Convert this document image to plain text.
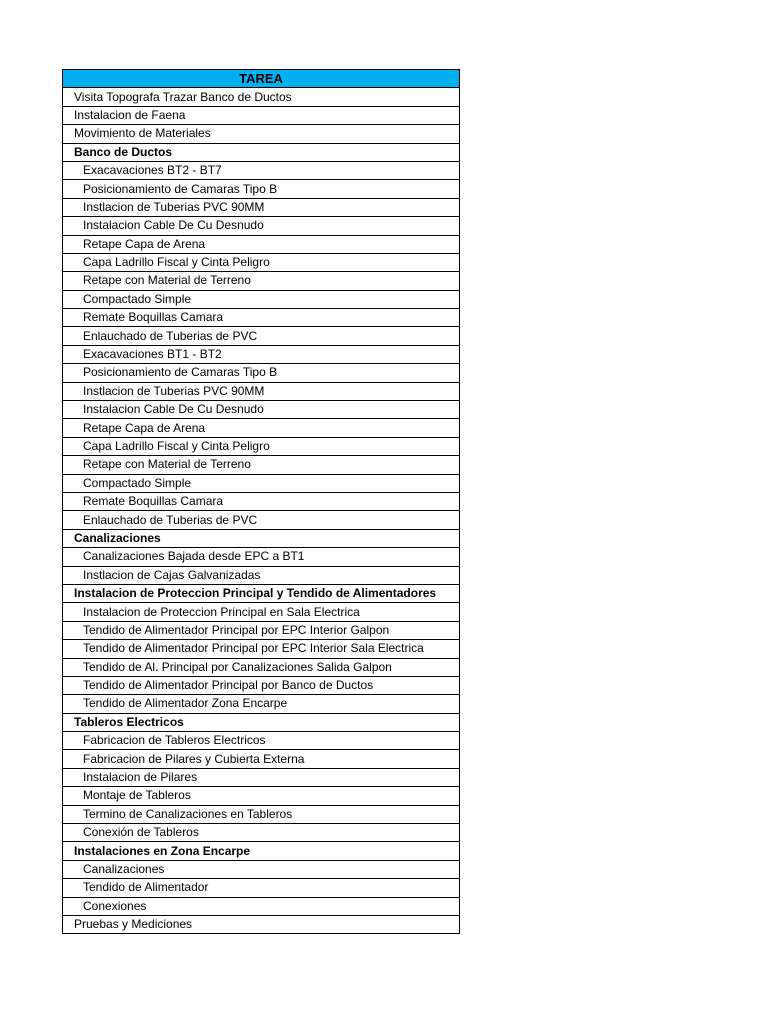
TAREA
Visita Topografa Trazar Banco de Ductos
Instalacion de Faena
Movimiento de Materiales
Banco de Ductos
Exacavaciones BT2 - BT7
Posicionamiento de Camaras Tipo B
Instlacion de Tuberias PVC 90MM
Instalacion Cable De Cu Desnudo
Retape Capa de Arena
Capa Ladrillo Fiscal y Cinta Peligro
Retape con Material de Terreno
Compactado Simple
Remate Boquillas Camara
Enlauchado de Tuberias de PVC
Exacavaciones BT1 - BT2
Posicionamiento de Camaras Tipo B
Instlacion de Tuberias PVC 90MM
Instalacion Cable De Cu Desnudo
Retape Capa de Arena
Capa Ladrillo Fiscal y Cinta Peligro
Retape con Material de Terreno
Compactado Simple
Remate Boquillas Camara
Enlauchado de Tuberias de PVC
Canalizaciones
Canalizaciones Bajada desde EPC a BT1
Instlacion de Cajas Galvanizadas
Instalacion de Proteccion Principal y Tendido de Alimentadores
Instalacion de Proteccion Principal en Sala Electrica
Tendido de Alimentador Principal por EPC Interior Galpon
Tendido de Alimentador Principal por EPC Interior Sala Electrica
Tendido de Al. Principal por Canalizaciones Salida Galpon
Tendido de Alimentador Principal por Banco de Ductos
Tendido de Alimentador Zona Encarpe
Tableros Electricos
Fabricacion de Tableros Electricos
Fabricacion de Pilares y Cubierta Externa
Instalacion de Pilares
Montaje de Tableros
Termino de Canalizaciones en Tableros
Conexión de Tableros
Instalaciones en Zona Encarpe
Canalizaciones
Tendido de Alimentador
Conexiones
Pruebas y Mediciones
